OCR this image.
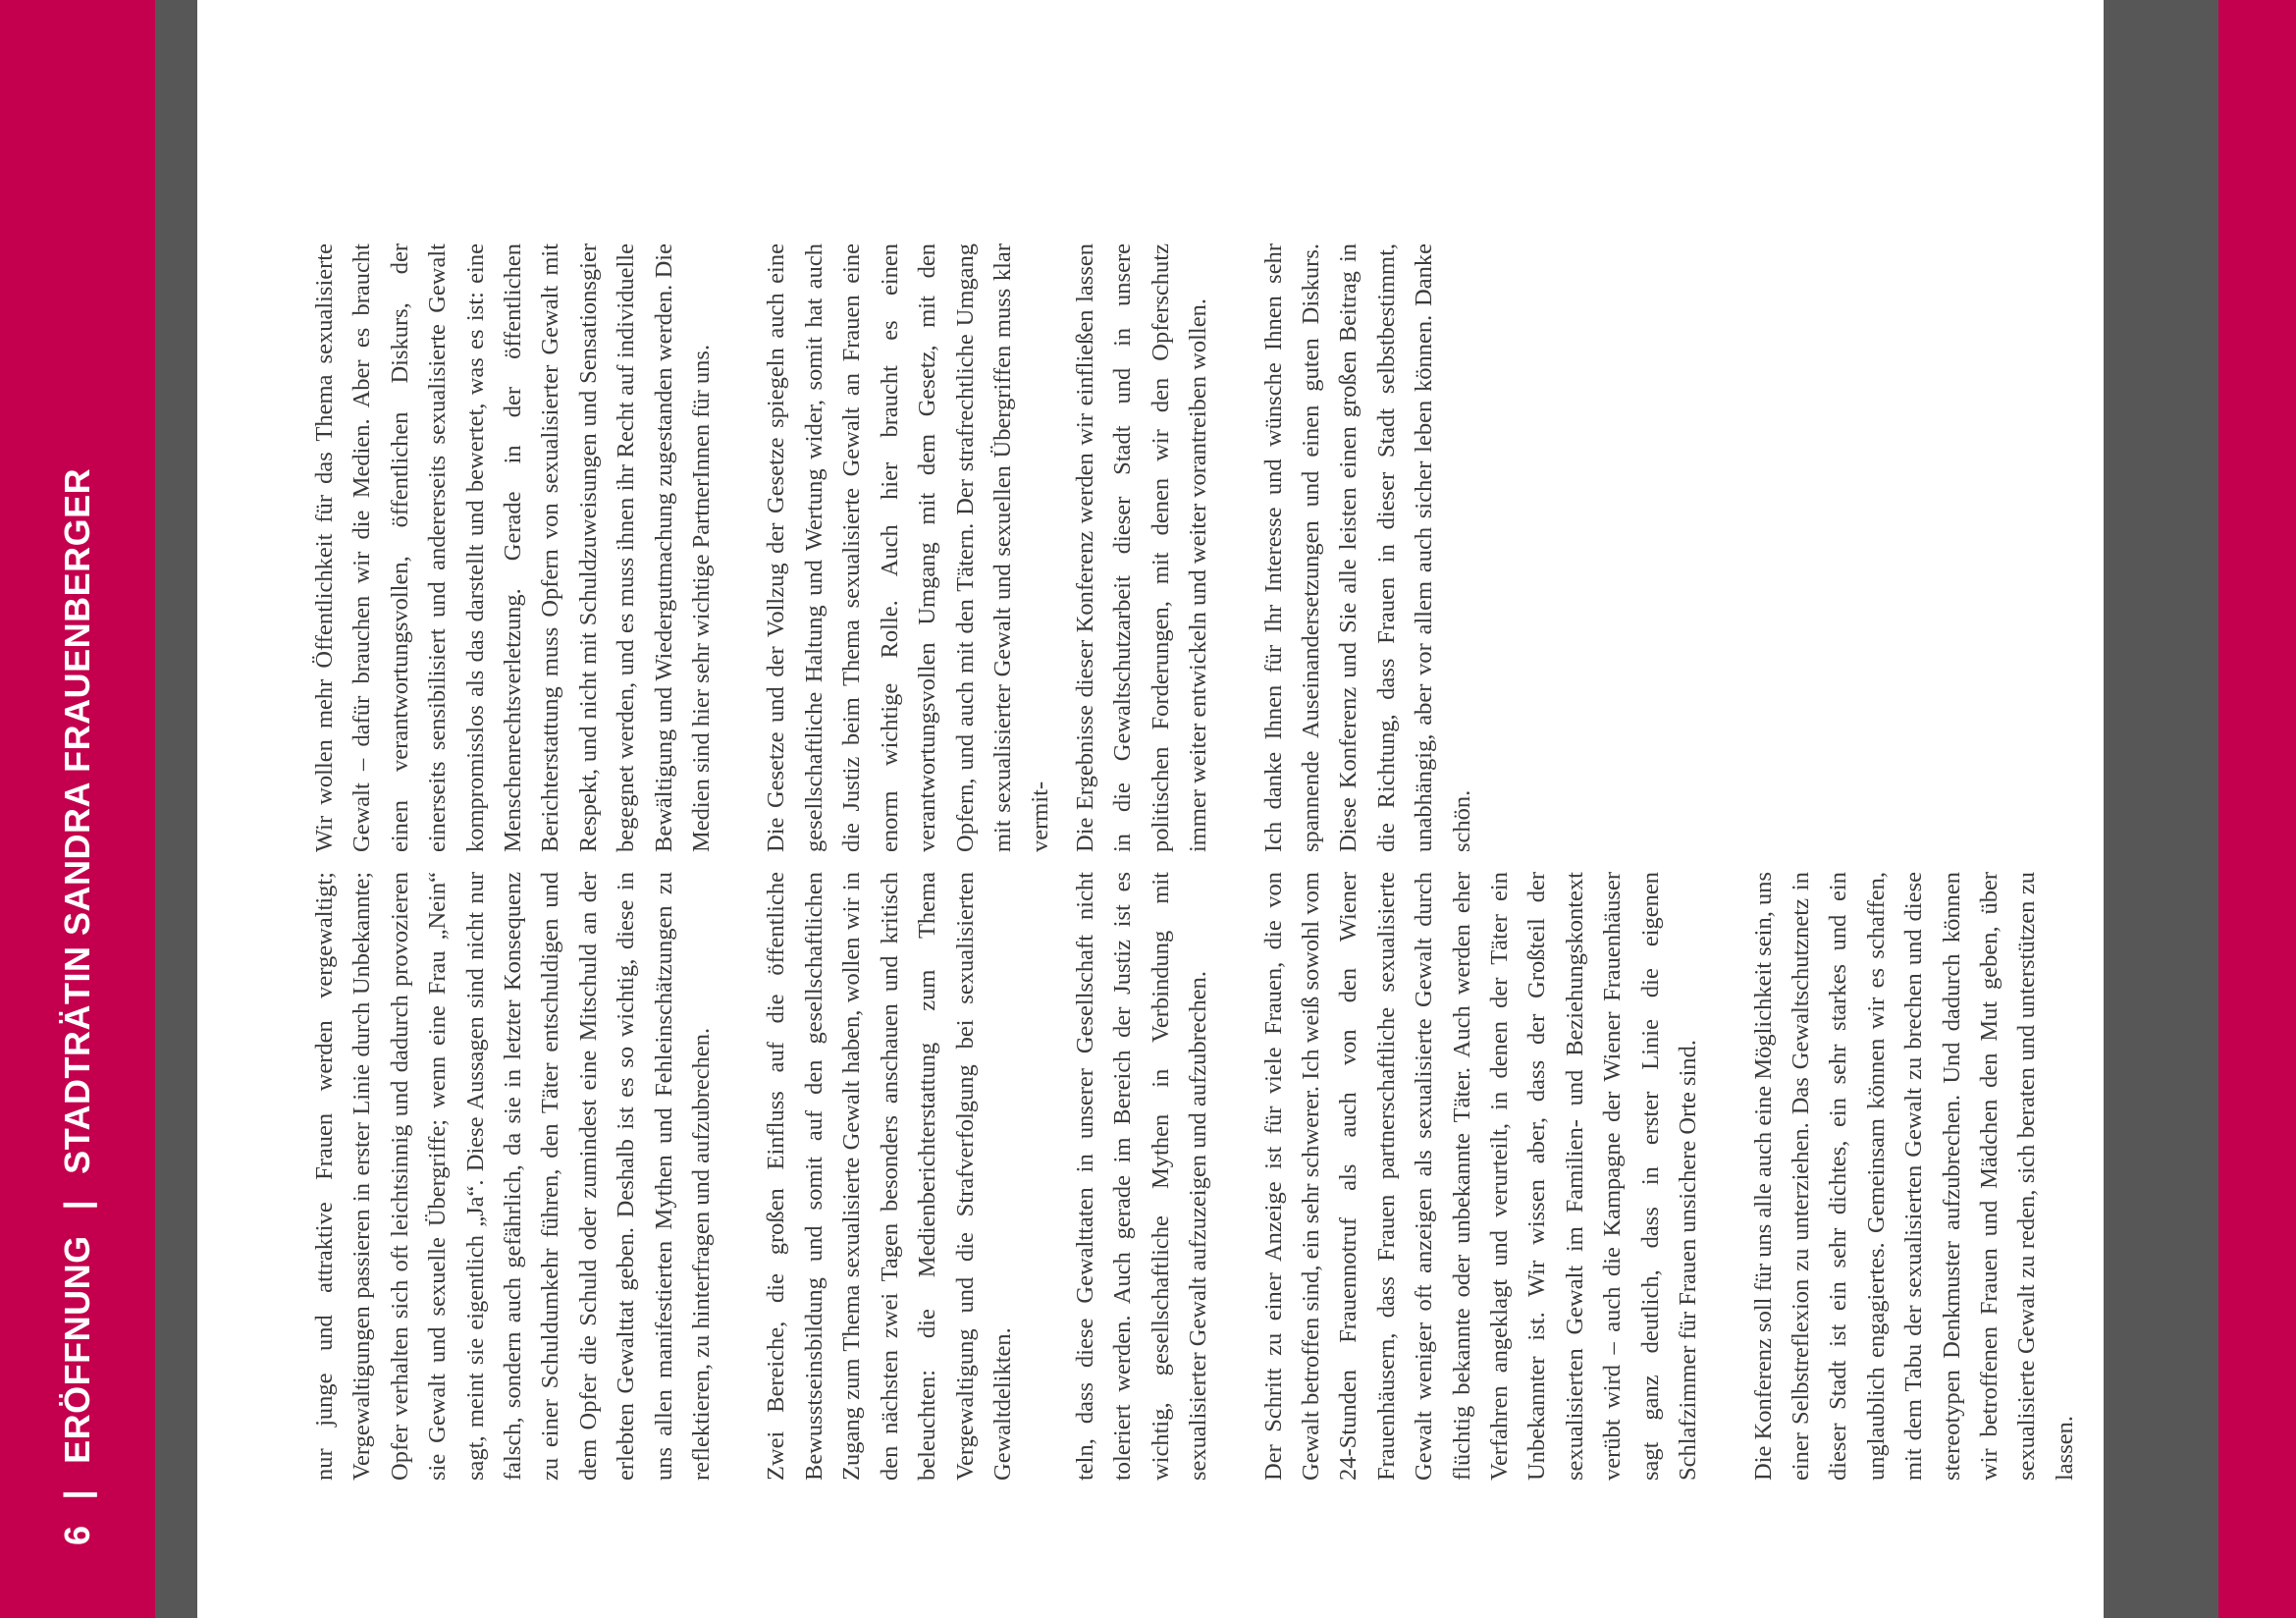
6
|
ERÖFFNUNG
|
STADTRÄTIN SANDRA FRAUENBERGER

nur junge und attraktive Frauen werden vergewaltigt; Vergewaltigungen passieren in erster Linie durch Unbekannte; Opfer verhalten sich oft leichtsinnig und dadurch provozieren sie Gewalt und sexuelle Übergriffe; wenn eine Frau „Nein“ sagt, meint sie eigentlich „Ja“. Diese Aussagen sind nicht nur falsch, sondern auch gefährlich, da sie in letzter Konsequenz zu einer Schuldumkehr führen, den Täter entschuldigen und dem Opfer die Schuld oder zumindest eine Mitschuld an der erlebten Gewalttat geben. Deshalb ist es so wichtig, diese in uns allen manifestierten Mythen und Fehleinschätzungen zu reflektieren, zu hinterfragen und aufzubrechen. Zwei Bereiche, die großen Einfluss auf die öffentliche Bewusstseinsbildung und somit auf den gesellschaftlichen Zugang zum Thema sexualisierte Gewalt haben, wollen wir in den nächsten zwei Tagen besonders anschauen und kritisch beleuchten: die Medienberichterstattung zum Thema Vergewaltigung und die Strafverfolgung bei sexualisierten Gewaltdelikten.

Wir wollen mehr Öffentlichkeit für das Thema sexualisierte Gewalt – dafür brauchen wir die Medien. Aber es braucht einen verantwortungsvollen, öffentlichen Diskurs, der einerseits sensibilisiert und andererseits sexualisierte Gewalt kompromisslos als das darstellt und bewertet, was es ist: eine Menschenrechtsverletzung. Gerade in der öffentlichen Berichterstattung muss Opfern von sexualisierter Gewalt mit Respekt, und nicht mit Schuldzuweisungen und Sensationsgier begegnet werden, und es muss ihnen ihr Recht auf individuelle Bewältigung und Wiedergutmachung zugestanden werden. Die Medien sind hier sehr wichtige PartnerInnen für uns. Die Gesetze und der Vollzug der Gesetze spiegeln auch eine gesellschaftliche Haltung und Wertung wider, somit hat auch die Justiz beim Thema sexualisierte Gewalt an Frauen eine enorm wichtige Rolle. Auch hier braucht es einen verantwortungsvollen Umgang mit dem Gesetz, mit den Opfern, und auch mit den Tätern. Der strafrechtliche Umgang mit sexualisierter Gewalt und sexuellen Übergriffen muss klar vermit-

teln, dass diese Gewalttaten in unserer Gesellschaft nicht toleriert werden. Auch gerade im Bereich der Justiz ist es wichtig, gesellschaftliche Mythen in Verbindung mit sexualisierter Gewalt aufzuzeigen und aufzubrechen. Der Schritt zu einer Anzeige ist für viele Frauen, die von Gewalt betroffen sind, ein sehr schwerer. Ich weiß sowohl vom 24-Stunden Frauennotruf als auch von den Wiener Frauenhäusern, dass Frauen partnerschaftliche sexualisierte Gewalt weniger oft anzeigen als sexualisierte Gewalt durch flüchtig bekannte oder unbekannte Täter. Auch werden eher Verfahren angeklagt und verurteilt, in denen der Täter ein Unbekannter ist. Wir wissen aber, dass der Großteil der sexualisierten Gewalt im Familien- und Beziehungskontext verübt wird – auch die Kampagne der Wiener Frauenhäuser sagt ganz deutlich, dass in erster Linie die eigenen Schlafzimmer für Frauen unsichere Orte sind. Die Konferenz soll für uns alle auch eine Möglichkeit sein, uns einer Selbstreflexion zu unterziehen. Das Gewaltschutznetz in dieser Stadt ist ein sehr dichtes, ein sehr starkes und ein unglaublich engagiertes. Gemeinsam können wir es schaffen, mit dem Tabu der sexualisierten Gewalt zu brechen und diese stereotypen Denkmuster aufzubrechen. Und dadurch können wir betroffenen Frauen und Mädchen den Mut geben, über sexualisierte Gewalt zu reden, sich beraten und unterstützen zu lassen.

Die Ergebnisse dieser Konferenz werden wir einfließen lassen in die Gewaltschutzarbeit dieser Stadt und in unsere politischen Forderungen, mit denen wir den Opferschutz immer weiter entwickeln und weiter vorantreiben wollen. Ich danke Ihnen für Ihr Interesse und wünsche Ihnen sehr spannende Auseinandersetzungen und einen guten Diskurs. Diese Konferenz und Sie alle leisten einen großen Beitrag in die Richtung, dass Frauen in dieser Stadt selbstbestimmt, unabhängig, aber vor allem auch sicher leben können. Danke schön.
